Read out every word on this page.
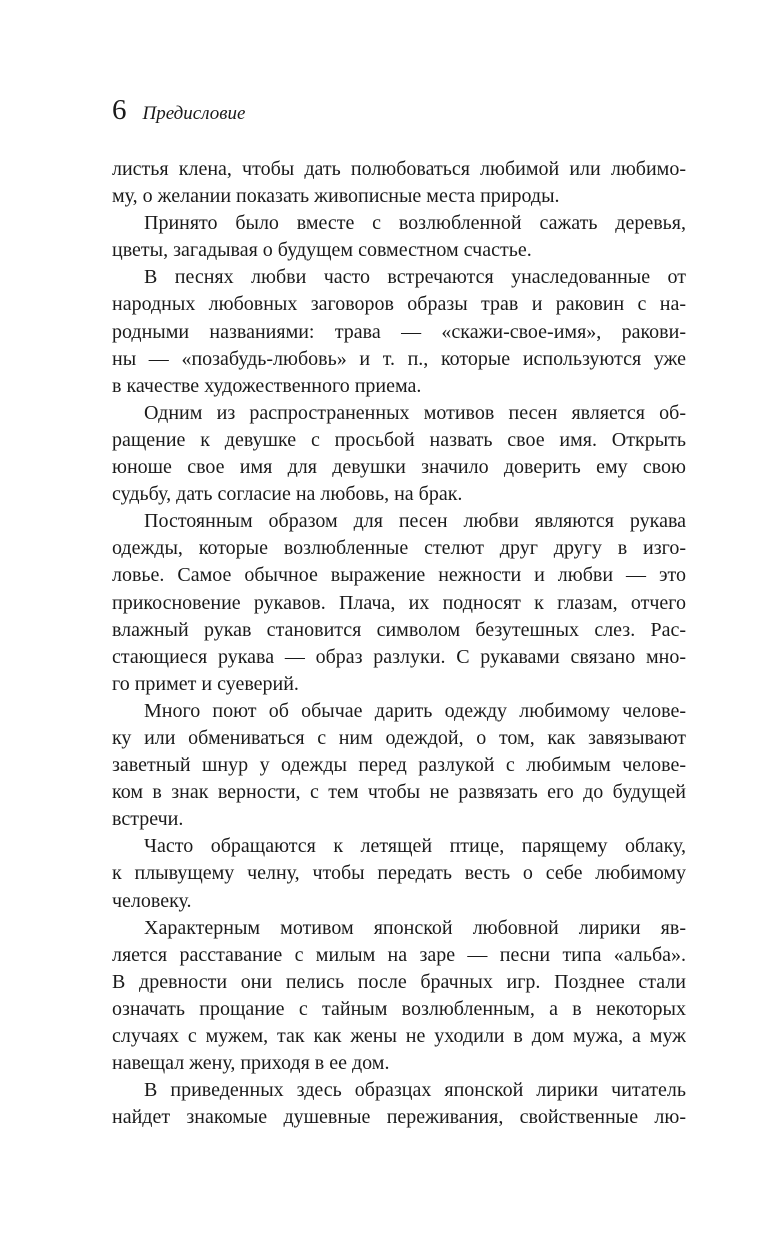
6 Предисловие
листья клена, чтобы дать полюбоваться любимой или любимо-
му, о желании показать живописные места природы.
Принято было вместе с возлюбленной сажать деревья,
цветы, загадывая о будущем совместном счастье.
В песнях любви часто встречаются унаследованные от
народных любовных заговоров образы трав и раковин с на-
родными названиями: трава — «скажи-свое-имя», ракови-
ны — «позабудь-любовь» и т. п., которые используются уже
в качестве художественного приема.
Одним из распространенных мотивов песен является об-
ращение к девушке с просьбой назвать свое имя. Открыть
юноше свое имя для девушки значило доверить ему свою
судьбу, дать согласие на любовь, на брак.
Постоянным образом для песен любви являются рукава
одежды, которые возлюбленные стелют друг другу в изго-
ловье. Самое обычное выражение нежности и любви — это
прикосновение рукавов. Плача, их подносят к глазам, отчего
влажный рукав становится символом безутешных слез. Рас-
стающиеся рукава — образ разлуки. С рукавами связано мно-
го примет и суеверий.
Много поют об обычае дарить одежду любимому челове-
ку или обмениваться с ним одеждой, о том, как завязывают
заветный шнур у одежды перед разлукой с любимым челове-
ком в знак верности, с тем чтобы не развязать его до будущей
встречи.
Часто обращаются к летящей птице, парящему облаку,
к плывущему челну, чтобы передать весть о себе любимому
человеку.
Характерным мотивом японской любовной лирики яв-
ляется расставание с милым на заре — песни типа «альба».
В древности они пелись после брачных игр. Позднее стали
означать прощание с тайным возлюбленным, а в некоторых
случаях с мужем, так как жены не уходили в дом мужа, а муж
навещал жену, приходя в ее дом.
В приведенных здесь образцах японской лирики читатель
найдет знакомые душевные переживания, свойственные лю-
